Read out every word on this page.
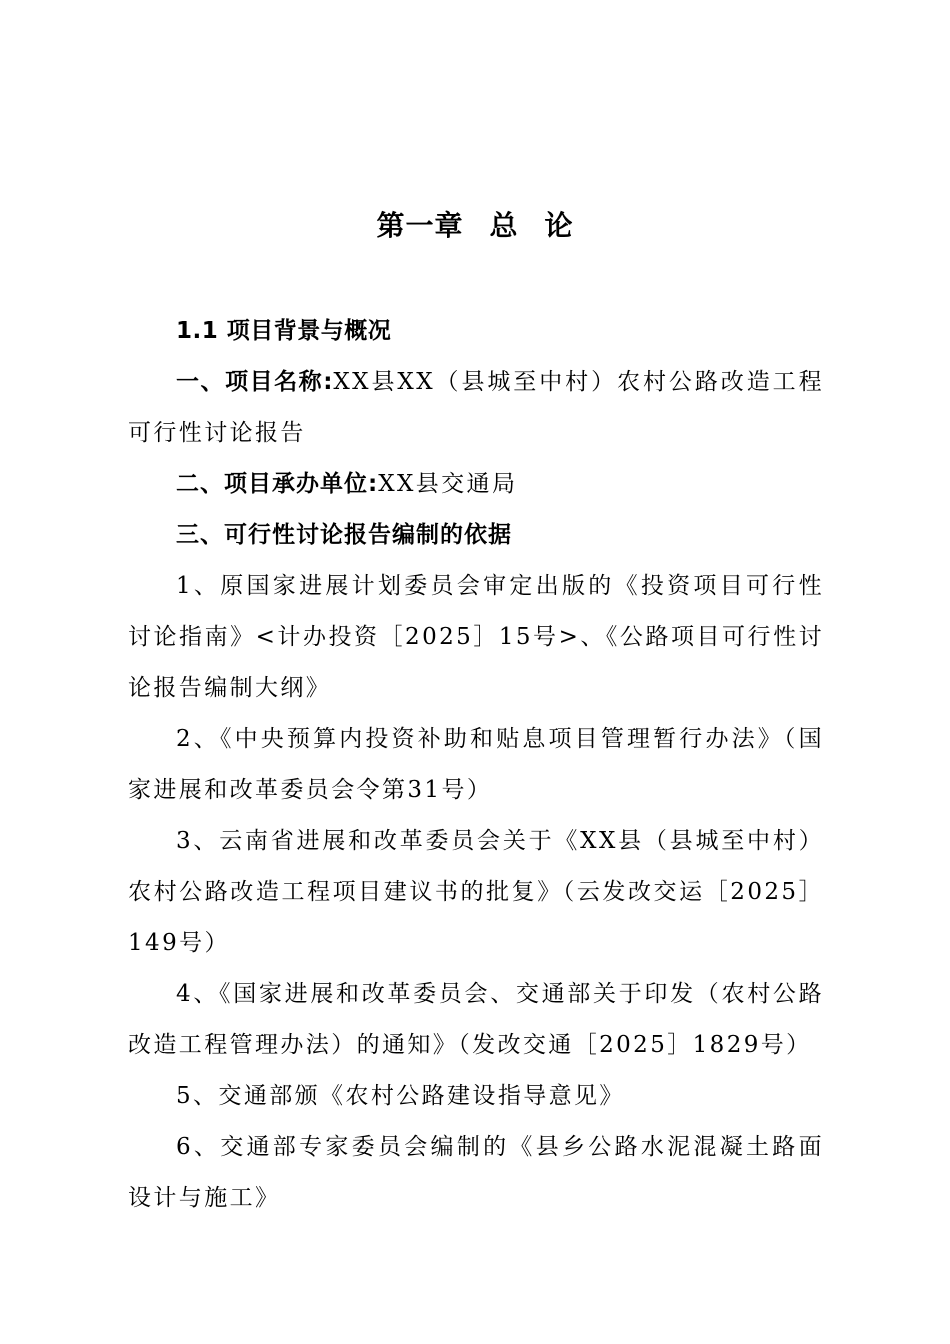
第一章 总 论

1.1 项目背景与概况

一、项目名称:XX县XX（县城至中村）农村公路改造工程可行性讨论报告

二、项目承办单位:XX县交通局

三、可行性讨论报告编制的依据

1、原国家进展计划委员会审定出版的《投资项目可行性讨论指南》<计办投资［2025］15号>、《公路项目可行性讨论报告编制大纲》

2、《中央预算内投资补助和贴息项目管理暂行办法》（国家进展和改革委员会令第31号）

3、云南省进展和改革委员会关于《XX县（县城至中村）农村公路改造工程项目建议书的批复》（云发改交运［2025］149号）

4、《国家进展和改革委员会、交通部关于印发（农村公路改造工程管理办法）的通知》（发改交通［2025］1829号）

5、交通部颁《农村公路建设指导意见》

6、交通部专家委员会编制的《县乡公路水泥混凝土路面设计与施工》
